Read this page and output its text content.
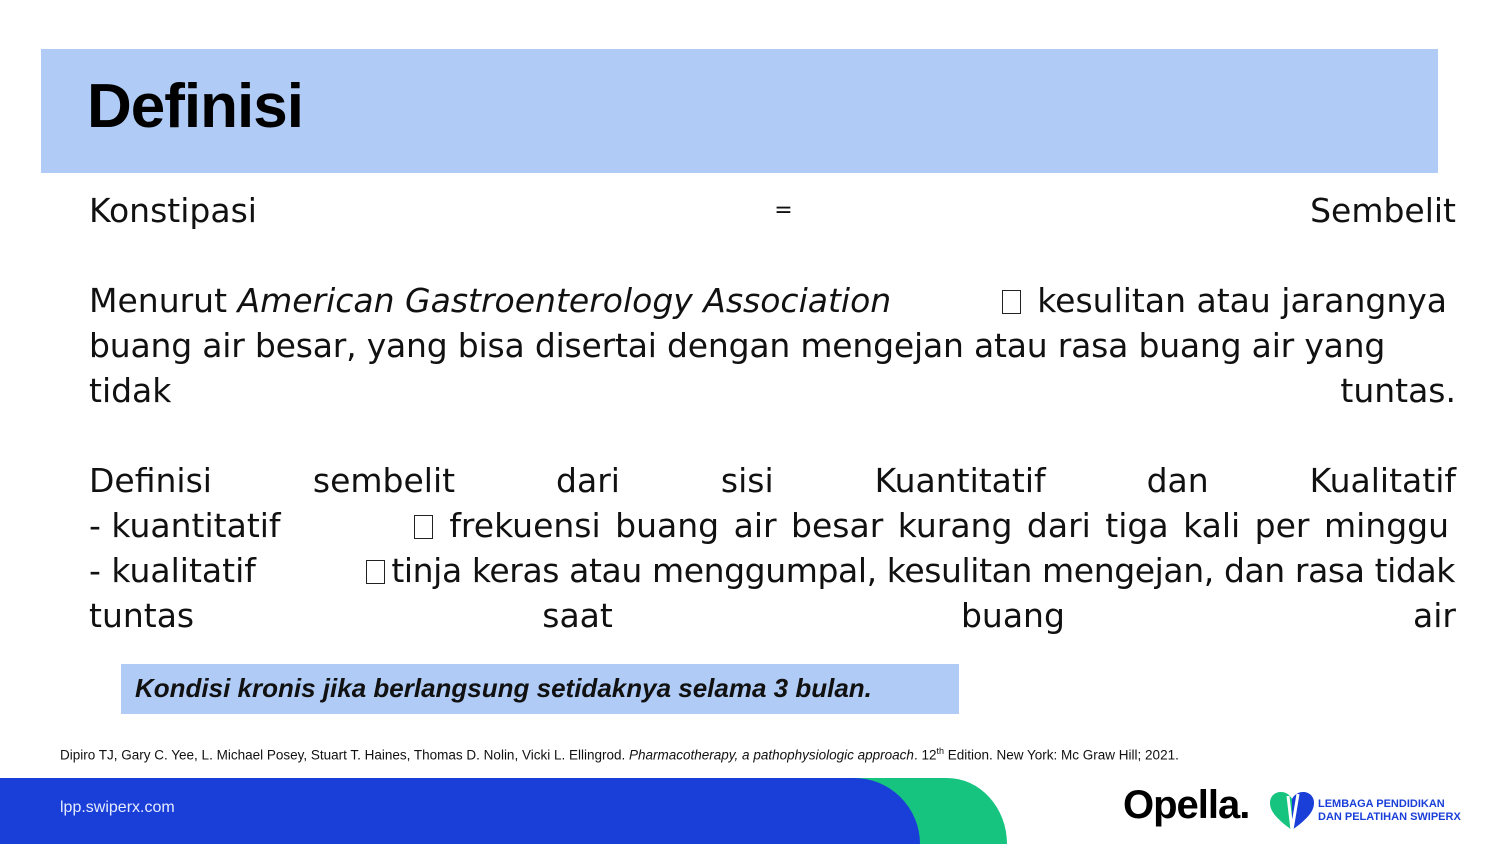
Definisi
Konstipasi	=	Sembelit
Menurut American Gastroenterology Association	kesulitan atau jarangnya
buang air besar, yang bisa disertai dengan mengejan atau rasa buang air yang
tidak	tuntas.
Definisi	sembelit	dari	sisi	Kuantitatif	dan	Kualitatif
- kuantitatif	frekuensi buang air besar kurang dari tiga kali per minggu
- kualitatif	tinja keras atau menggumpal, kesulitan mengejan, dan rasa tidak
tuntas	saat	buang	air

Kondisi kronis jika berlangsung setidaknya selama 3 bulan.

Dipiro TJ, Gary C. Yee, L. Michael Posey, Stuart T. Haines, Thomas D. Nolin, Vicki L. Ellingrod. Pharmacotherapy, a pathophysiologic approach. 12th Edition. New York: Mc Graw Hill; 2021.
lpp.swiperx.com	Opella.	LEMBAGA PENDIDIKAN
DAN PELATIHAN SWIPERX
